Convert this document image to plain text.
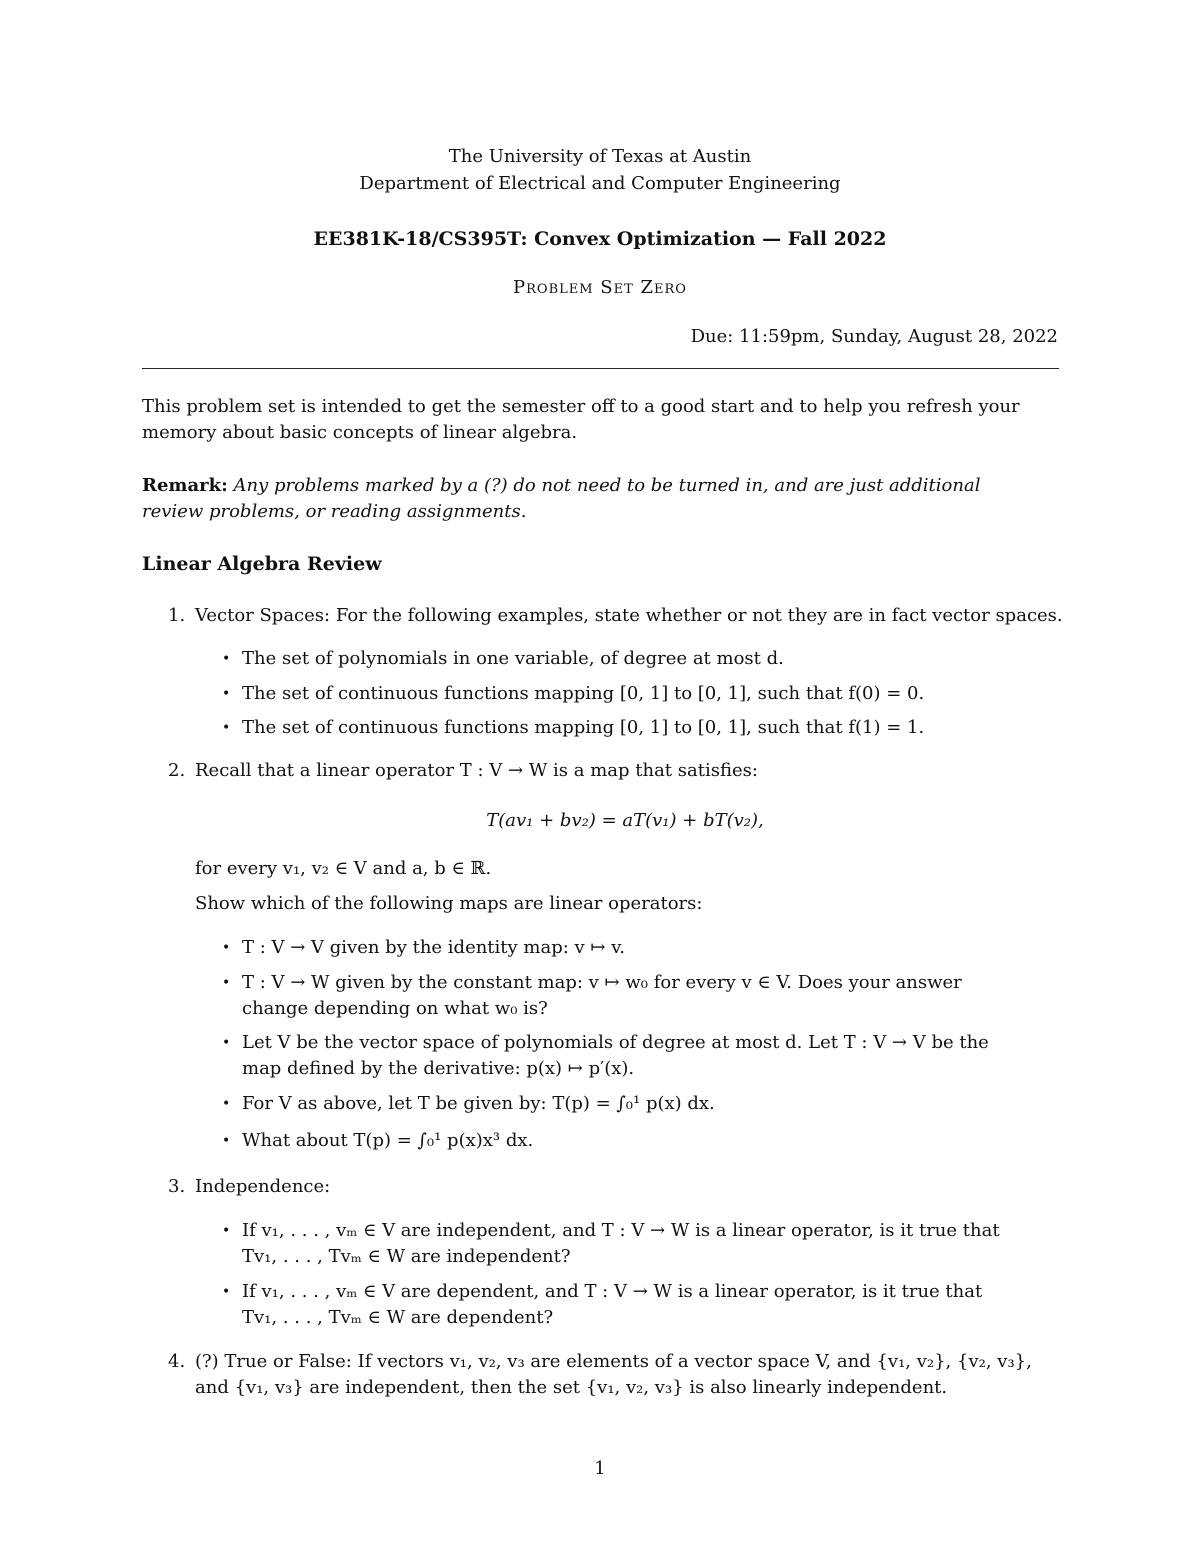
The University of Texas at Austin
Department of Electrical and Computer Engineering
EE381K-18/CS395T: Convex Optimization — Fall 2022
Problem Set Zero
Due: 11:59pm, Sunday, August 28, 2022
This problem set is intended to get the semester off to a good start and to help you refresh your
memory about basic concepts of linear algebra.
Remark: Any problems marked by a (?) do not need to be turned in, and are just additional
review problems, or reading assignments.
Linear Algebra Review
1. Vector Spaces: For the following examples, state whether or not they are in fact vector spaces.
• The set of polynomials in one variable, of degree at most d.
• The set of continuous functions mapping [0, 1] to [0, 1], such that f(0) = 0.
• The set of continuous functions mapping [0, 1] to [0, 1], such that f(1) = 1.
2. Recall that a linear operator T : V → W is a map that satisfies:
T(av₁ + bv₂) = aT(v₁) + bT(v₂),
for every v₁, v₂ ∈ V and a, b ∈ ℝ.
Show which of the following maps are linear operators:
• T : V → V given by the identity map: v ↦ v.
• T : V → W given by the constant map: v ↦ w₀ for every v ∈ V. Does your answer
change depending on what w₀ is?
• Let V be the vector space of polynomials of degree at most d. Let T : V → V be the
map defined by the derivative: p(x) ↦ p′(x).
• For V as above, let T be given by: T(p) = ∫₀¹ p(x) dx.
• What about T(p) = ∫₀¹ p(x)x³ dx.
3. Independence:
• If v₁, . . . , vₘ ∈ V are independent, and T : V → W is a linear operator, is it true that
Tv₁, . . . , Tvₘ ∈ W are independent?
• If v₁, . . . , vₘ ∈ V are dependent, and T : V → W is a linear operator, is it true that
Tv₁, . . . , Tvₘ ∈ W are dependent?
4. (?) True or False: If vectors v₁, v₂, v₃ are elements of a vector space V, and {v₁, v₂}, {v₂, v₃},
and {v₁, v₃} are independent, then the set {v₁, v₂, v₃} is also linearly independent.
1
